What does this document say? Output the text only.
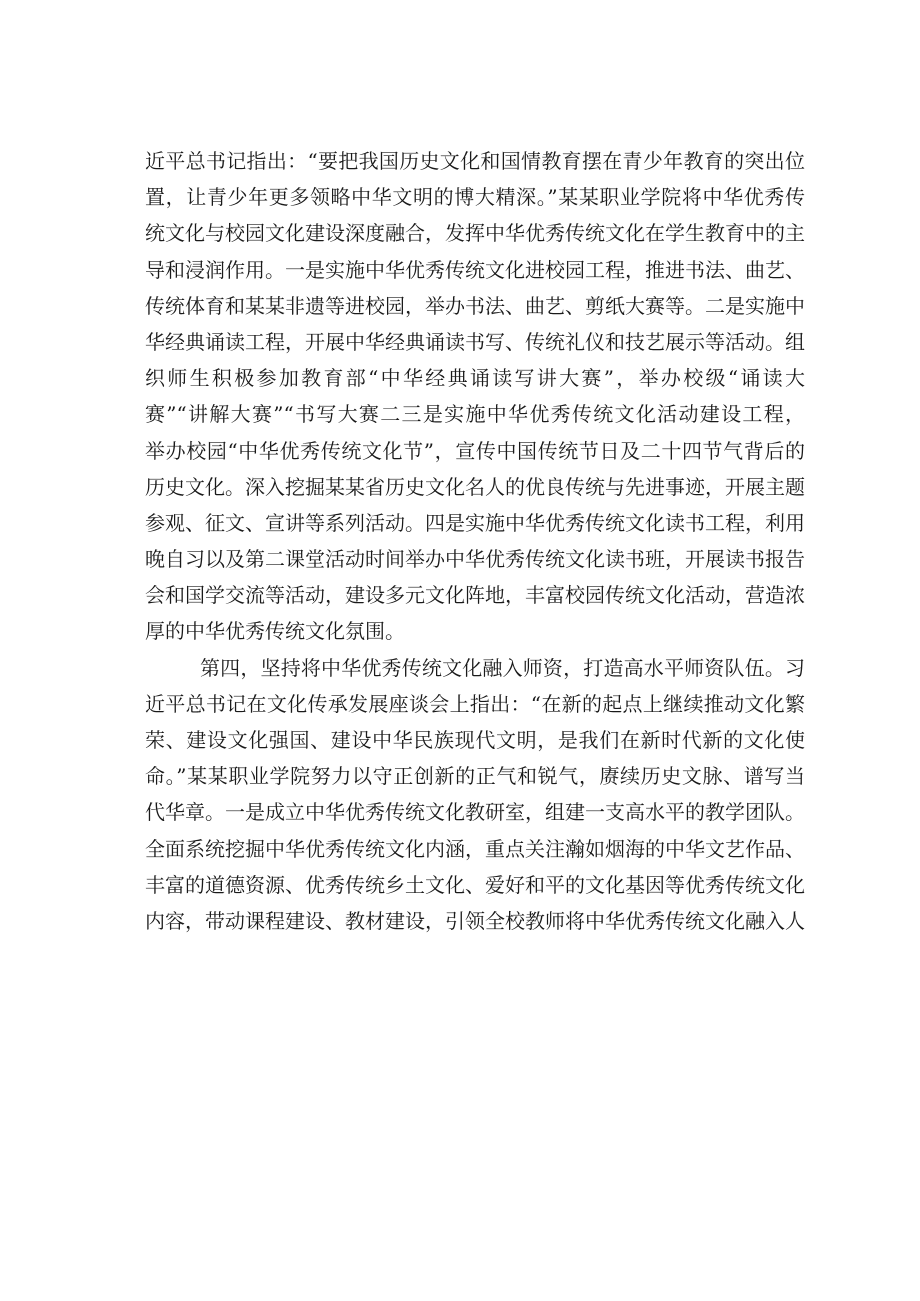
近平总书记指出：“要把我国历史文化和国情教育摆在青少年教育的突出位
置，让青少年更多领略中华文明的博大精深。”某某职业学院将中华优秀传
统文化与校园文化建设深度融合，发挥中华优秀传统文化在学生教育中的主
导和浸润作用。一是实施中华优秀传统文化进校园工程，推进书法、曲艺、
传统体育和某某非遗等进校园，举办书法、曲艺、剪纸大赛等。二是实施中
华经典诵读工程，开展中华经典诵读书写、传统礼仪和技艺展示等活动。组
织师生积极参加教育部“中华经典诵读写讲大赛”，举办校级“诵读大
赛”“讲解大赛”“书写大赛二三是实施中华优秀传统文化活动建设工程，
举办校园“中华优秀传统文化节”，宣传中国传统节日及二十四节气背后的
历史文化。深入挖掘某某省历史文化名人的优良传统与先进事迹，开展主题
参观、征文、宣讲等系列活动。四是实施中华优秀传统文化读书工程，利用
晚自习以及第二课堂活动时间举办中华优秀传统文化读书班，开展读书报告
会和国学交流等活动，建设多元文化阵地，丰富校园传统文化活动，营造浓
厚的中华优秀传统文化氛围。
第四，坚持将中华优秀传统文化融入师资，打造高水平师资队伍。习
近平总书记在文化传承发展座谈会上指出：“在新的起点上继续推动文化繁
荣、建设文化强国、建设中华民族现代文明，是我们在新时代新的文化使
命。”某某职业学院努力以守正创新的正气和锐气，赓续历史文脉、谱写当
代华章。一是成立中华优秀传统文化教研室，组建一支高水平的教学团队。
全面系统挖掘中华优秀传统文化内涵，重点关注瀚如烟海的中华文艺作品、
丰富的道德资源、优秀传统乡土文化、爱好和平的文化基因等优秀传统文化
内容，带动课程建设、教材建设，引领全校教师将中华优秀传统文化融入人
